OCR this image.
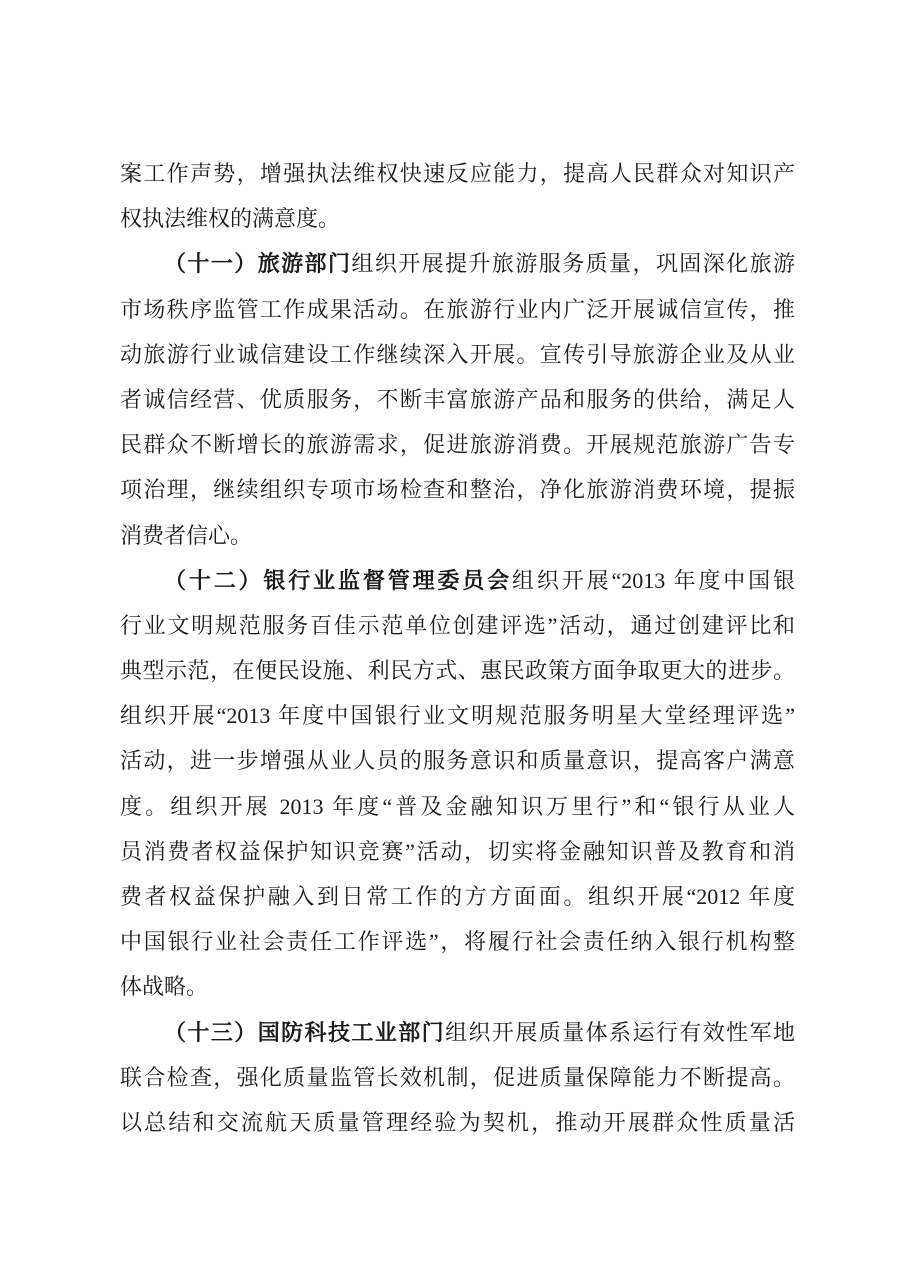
案工作声势，增强执法维权快速反应能力，提高人民群众对知识产
权执法维权的满意度。
（十一）旅游部门组织开展提升旅游服务质量，巩固深化旅游
市场秩序监管工作成果活动。在旅游行业内广泛开展诚信宣传，推
动旅游行业诚信建设工作继续深入开展。宣传引导旅游企业及从业
者诚信经营、优质服务，不断丰富旅游产品和服务的供给，满足人
民群众不断增长的旅游需求，促进旅游消费。开展规范旅游广告专
项治理，继续组织专项市场检查和整治，净化旅游消费环境，提振
消费者信心。
（十二）银行业监督管理委员会组织开展“2013 年度中国银
行业文明规范服务百佳示范单位创建评选”活动，通过创建评比和
典型示范，在便民设施、利民方式、惠民政策方面争取更大的进步。
组织开展“2013 年度中国银行业文明规范服务明星大堂经理评选”
活动，进一步增强从业人员的服务意识和质量意识，提高客户满意
度。组织开展 2013 年度“普及金融知识万里行”和“银行从业人
员消费者权益保护知识竞赛”活动，切实将金融知识普及教育和消
费者权益保护融入到日常工作的方方面面。组织开展“2012 年度
中国银行业社会责任工作评选”，将履行社会责任纳入银行机构整
体战略。
（十三）国防科技工业部门组织开展质量体系运行有效性军地
联合检查，强化质量监管长效机制，促进质量保障能力不断提高。
以总结和交流航天质量管理经验为契机，推动开展群众性质量活
